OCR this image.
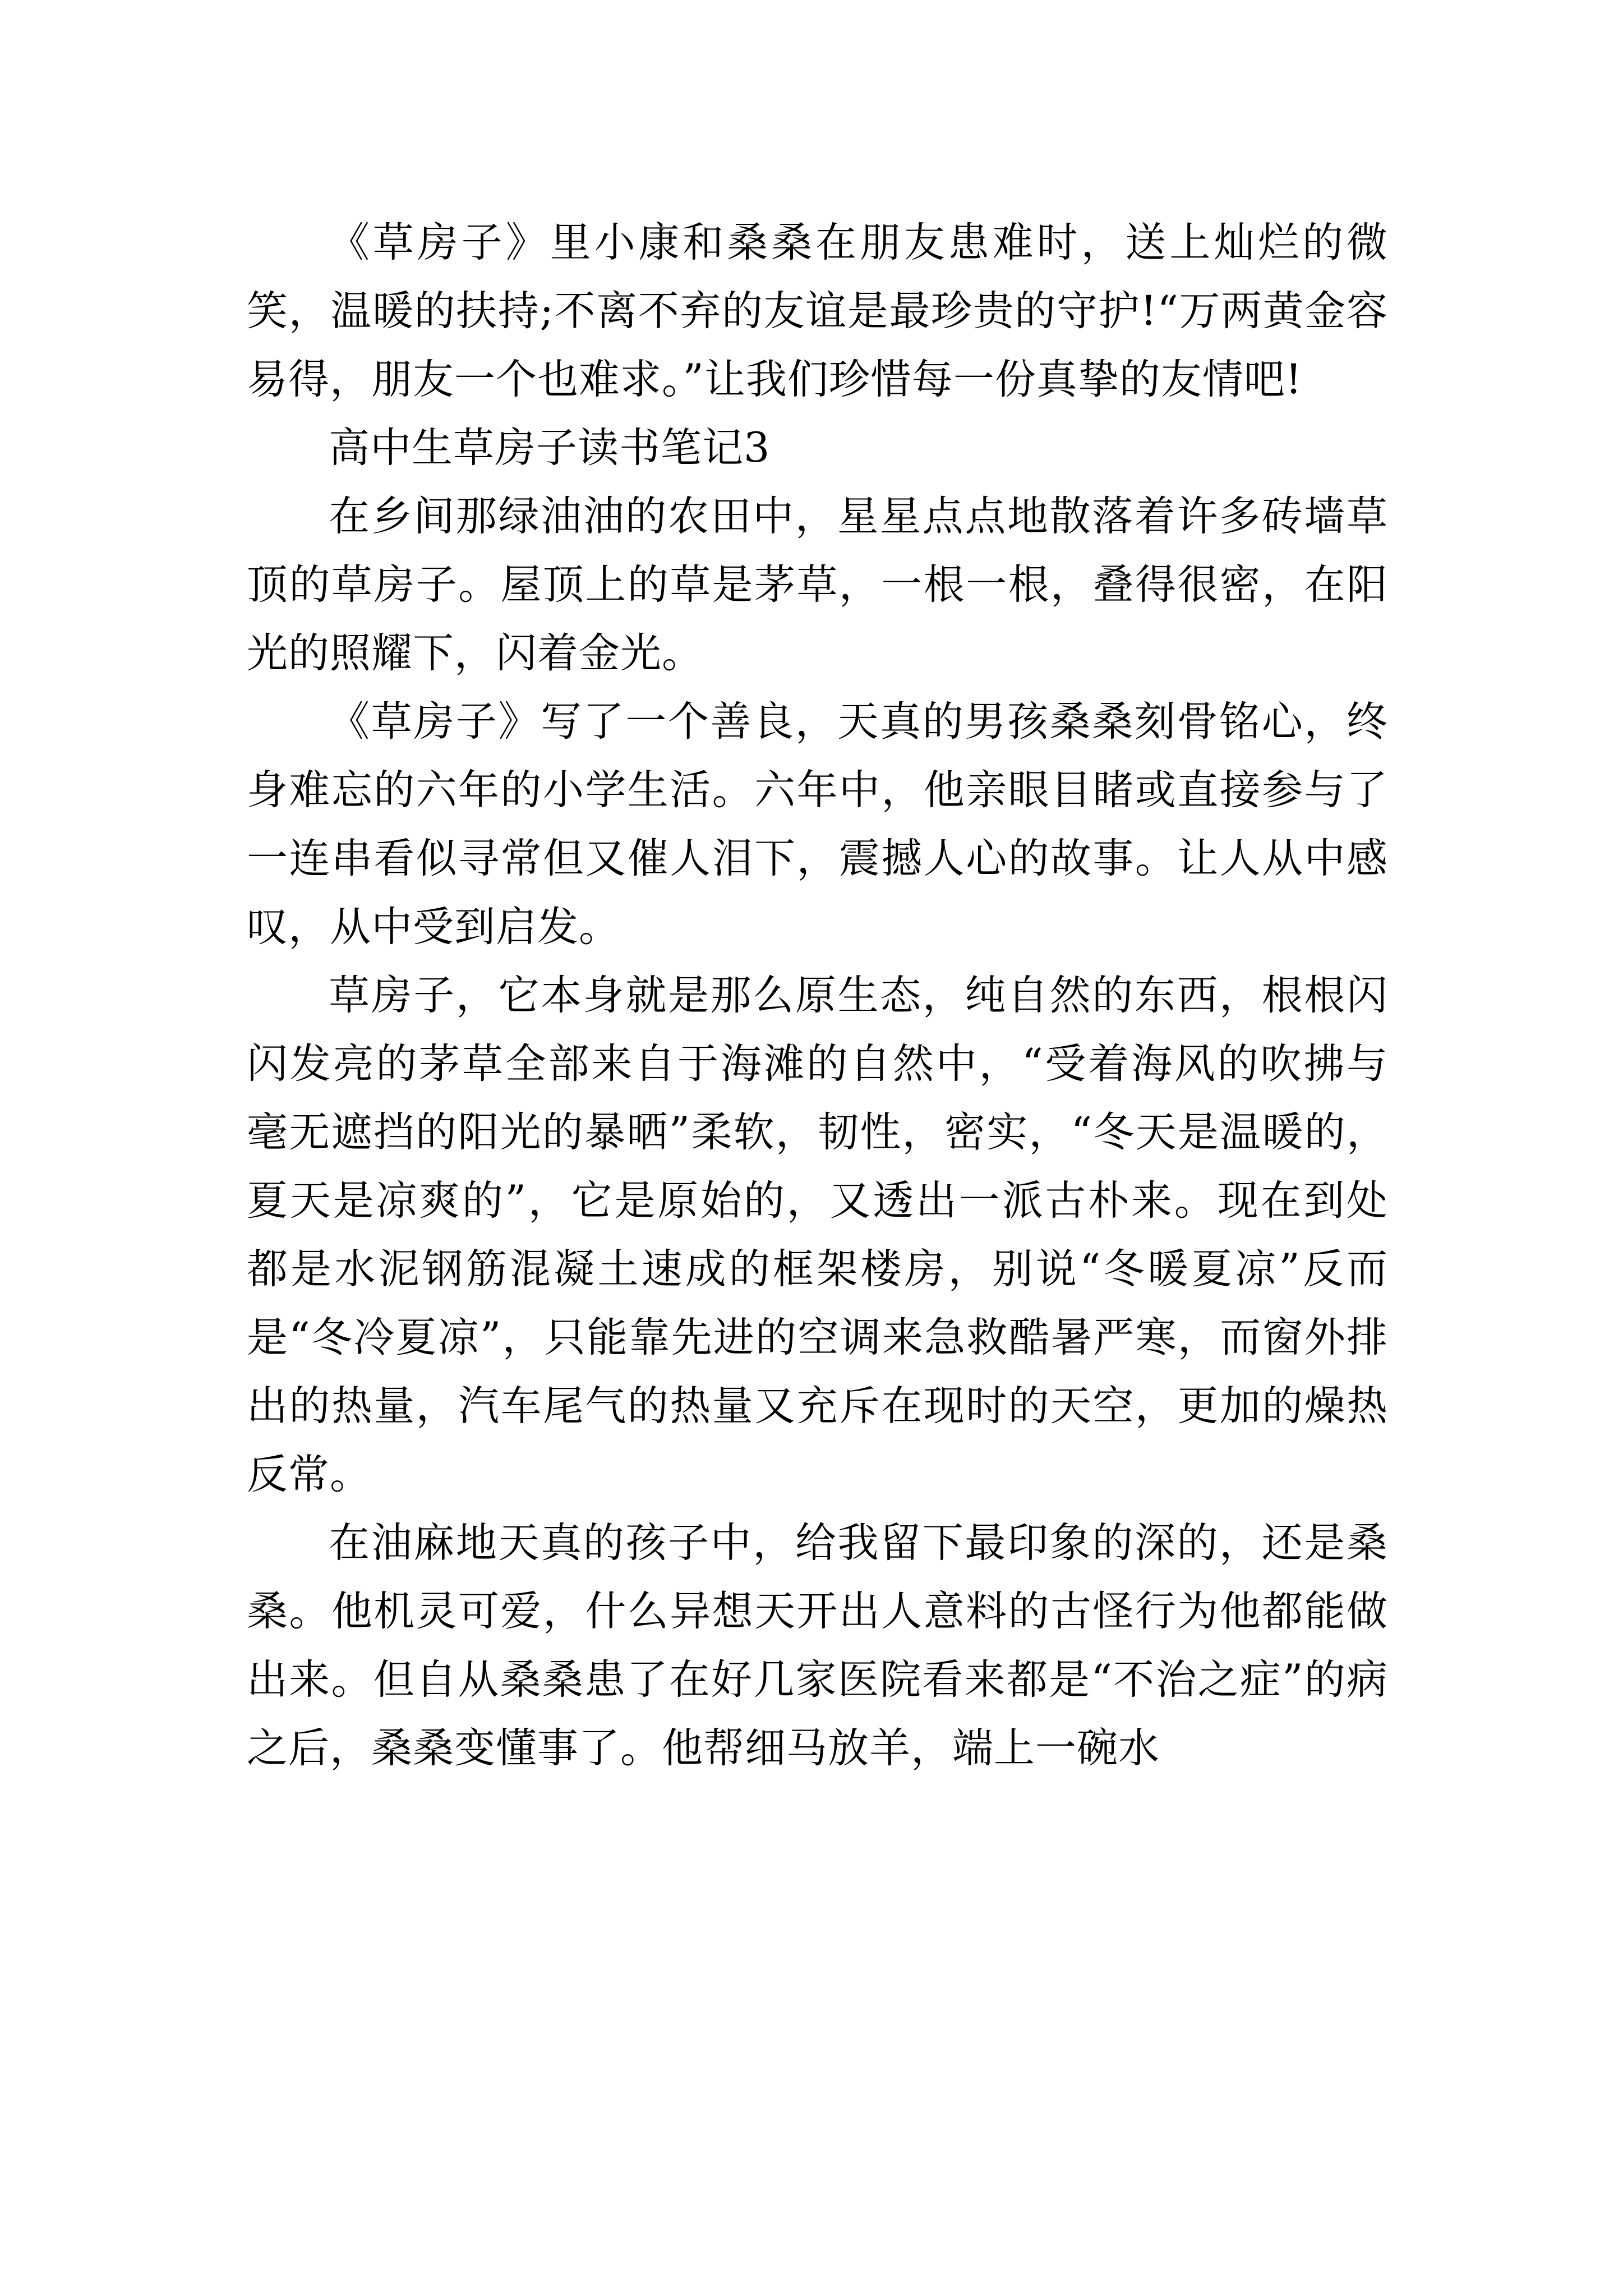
《草房子》里小康和桑桑在朋友患难时，送上灿烂的微笑，温暖的扶持;不离不弃的友谊是最珍贵的守护!“万两黄金容易得，朋友一个也难求。”让我们珍惜每一份真挚的友情吧!

高中生草房子读书笔记3

在乡间那绿油油的农田中，星星点点地散落着许多砖墙草顶的草房子。屋顶上的草是茅草，一根一根，叠得很密，在阳光的照耀下，闪着金光。

《草房子》写了一个善良，天真的男孩桑桑刻骨铭心，终身难忘的六年的小学生活。六年中，他亲眼目睹或直接参与了一连串看似寻常但又催人泪下，震撼人心的故事。让人从中感叹，从中受到启发。

草房子，它本身就是那么原生态，纯自然的东西，根根闪闪发亮的茅草全部来自于海滩的自然中，“受着海风的吹拂与毫无遮挡的阳光的暴晒”柔软，韧性，密实，“冬天是温暖的，夏天是凉爽的”，它是原始的，又透出一派古朴来。现在到处都是水泥钢筋混凝土速成的框架楼房，别说“冬暖夏凉”反而是“冬冷夏凉”，只能靠先进的空调来急救酷暑严寒，而窗外排出的热量，汽车尾气的热量又充斥在现时的天空，更加的燥热反常。

在油麻地天真的孩子中，给我留下最印象的深的，还是桑桑。他机灵可爱，什么异想天开出人意料的古怪行为他都能做出来。但自从桑桑患了在好几家医院看来都是“不治之症”的病之后，桑桑变懂事了。他帮细马放羊，端上一碗水
